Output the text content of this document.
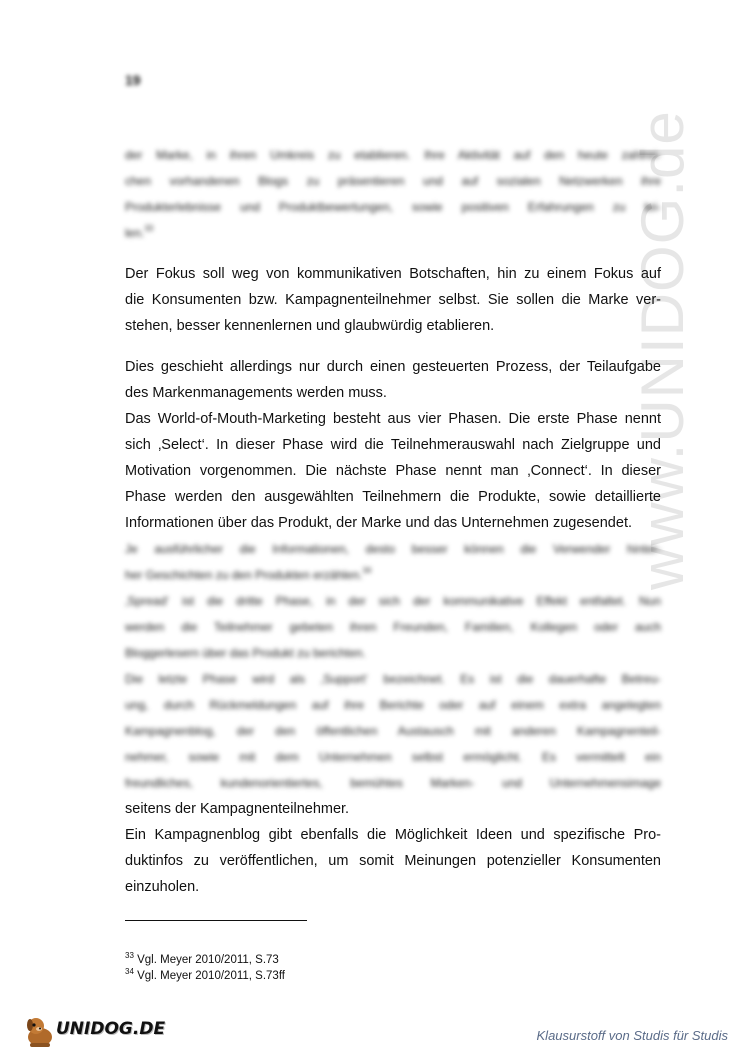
19
www.UNIDOG.de
der Marke, in ihren Umkreis zu etablieren. Ihre Aktivität auf den heute zahlrei-
chen vorhandenen Blogs zu präsentieren und auf sozialen Netzwerken ihre
Produkterlebnisse und Produktbewertungen, sowie positiven Erfahrungen zu tei-
len.$^{33}$
Der Fokus soll weg von kommunikativen Botschaften, hin zu einem Fokus auf
die Konsumenten bzw. Kampagnenteilnehmer selbst. Sie sollen die Marke ver-
stehen, besser kennenlernen und glaubwürdig etablieren.
Dies geschieht allerdings nur durch einen gesteuerten Prozess, der Teilaufgabe
des Markenmanagements werden muss.
Das World-of-Mouth-Marketing besteht aus vier Phasen. Die erste Phase nennt
sich ‚Select‘. In dieser Phase wird die Teilnehmerauswahl nach Zielgruppe und
Motivation vorgenommen. Die nächste Phase nennt man ‚Connect‘. In dieser
Phase werden den ausgewählten Teilnehmern die Produkte, sowie detaillierte
Informationen über das Produkt, der Marke und das Unternehmen zugesendet.
Je ausführlicher die Informationen, desto besser können die Verwender hinter-
her Geschichten zu den Produkten erzählen.$^{34}$
‚Spread‘ ist die dritte Phase, in der sich der kommunikative Effekt entfaltet. Nun
werden die Teilnehmer gebeten ihren Freunden, Familien, Kollegen oder auch
Bloggerlesern über das Produkt zu berichten.
Die letzte Phase wird als ‚Support‘ bezeichnet. Es ist die dauerhafte Betreu-
ung, durch Rückmeldungen auf ihre Berichte oder auf einem extra angelegten
Kampagnenblog, der den öffentlichen Austausch mit anderen Kampagnenteil-
nehmer, sowie mit dem Unternehmen selbst ermöglicht. Es vermittelt ein
freundliches, kundenorientiertes, bemühtes Marken- und Unternehmensimage
seitens der Kampagnenteilnehmer.
Ein Kampagnenblog gibt ebenfalls die Möglichkeit Ideen und spezifische Pro-
duktinfos zu veröffentlichen, um somit Meinungen potenzieller Konsumenten
einzuholen.
$^{33}$ Vgl. Meyer 2010/2011, S.73
$^{34}$ Vgl. Meyer 2010/2011, S.73ff
UNIDOG.DE	Klausurstoff von Studis für Studis
